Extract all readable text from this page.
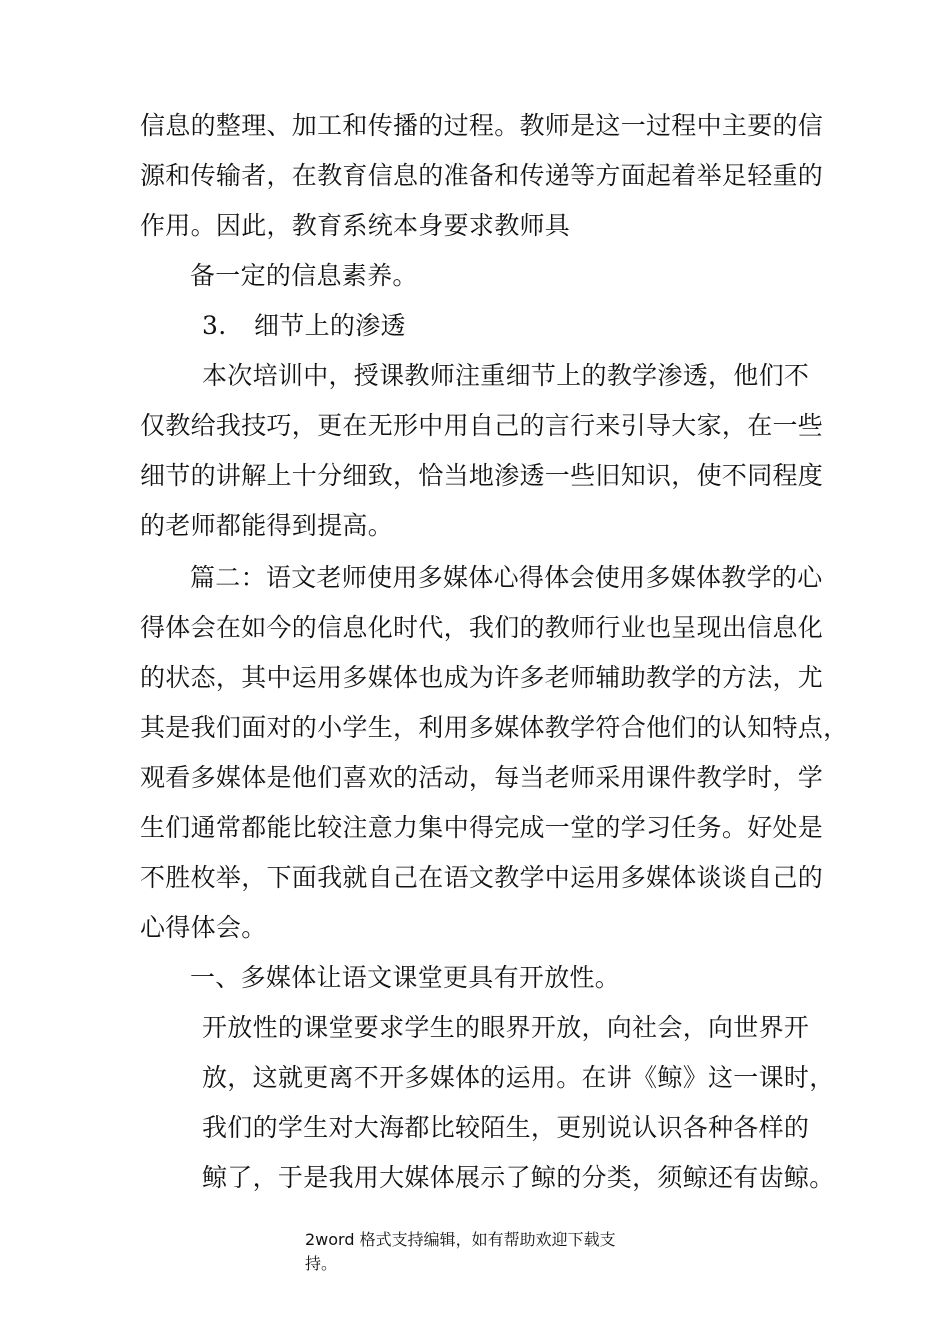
信息的整理、加工和传播的过程。教师是这一过程中主要的信
源和传输者，在教育信息的准备和传递等方面起着举足轻重的
作用。因此，教育系统本身要求教师具
备一定的信息素养。
3. 细节上的渗透
本次培训中，授课教师注重细节上的教学渗透，他们不
仅教给我技巧，更在无形中用自己的言行来引导大家，在一些
细节的讲解上十分细致，恰当地渗透一些旧知识，使不同程度
的老师都能得到提高。
篇二：语文老师使用多媒体心得体会使用多媒体教学的心
得体会在如今的信息化时代，我们的教师行业也呈现出信息化
的状态，其中运用多媒体也成为许多老师辅助教学的方法，尤
其是我们面对的小学生，利用多媒体教学符合他们的认知特点，
观看多媒体是他们喜欢的活动，每当老师采用课件教学时，学
生们通常都能比较注意力集中得完成一堂的学习任务。好处是
不胜枚举，下面我就自己在语文教学中运用多媒体谈谈自己的
心得体会。
一、多媒体让语文课堂更具有开放性。
开放性的课堂要求学生的眼界开放，向社会，向世界开
放，这就更离不开多媒体的运用。在讲《鲸》这一课时，
我们的学生对大海都比较陌生，更别说认识各种各样的
鲸了，于是我用大媒体展示了鲸的分类，须鲸还有齿鲸。
2word 格式支持编辑，如有帮助欢迎下载支
持。
